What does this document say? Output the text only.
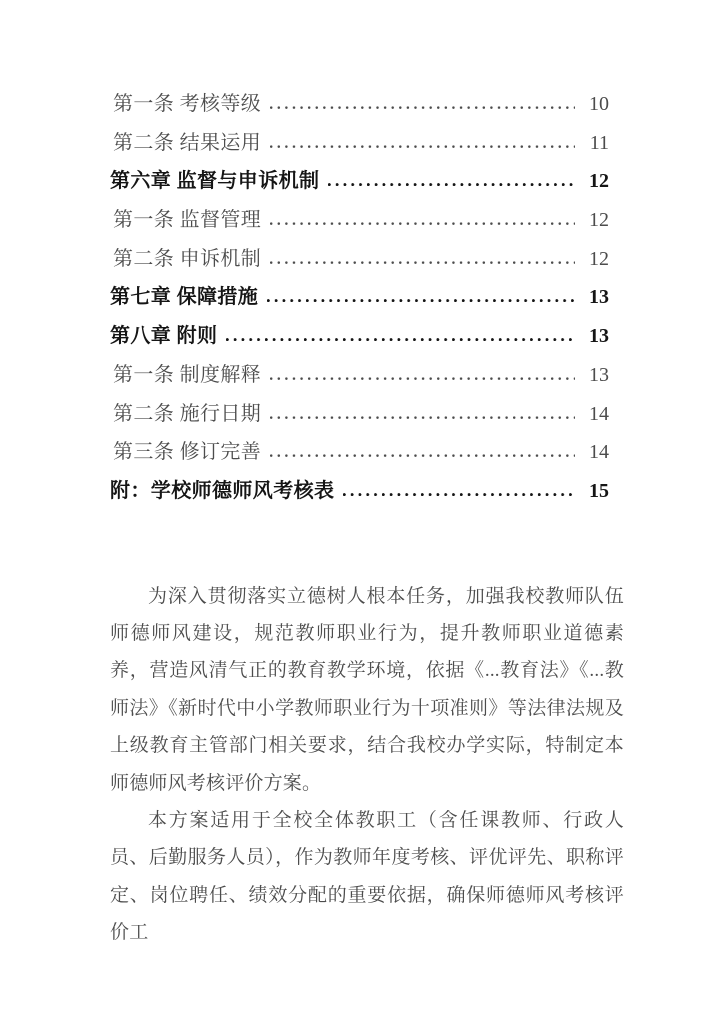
第一条 考核等级	10
第二条 结果运用	11
第六章 监督与申诉机制	12
第一条 监督管理	12
第二条 申诉机制	12
第七章 保障措施	13
第八章 附则	13
第一条 制度解释	13
第二条 施行日期	14
第三条 修订完善	14
附：学校师德师风考核表	15

为深入贯彻落实立德树人根本任务，加强我校教师队伍师德师风建设，规范教师职业行为，提升教师职业道德素养，营造风清气正的教育教学环境，依据《...教育法》《...教师法》《新时代中小学教师职业行为十项准则》等法律法规及上级教育主管部门相关要求，结合我校办学实际，特制定本师德师风考核评价方案。

本方案适用于全校全体教职工（含任课教师、行政人员、后勤服务人员），作为教师年度考核、评优评先、职称评定、岗位聘任、绩效分配的重要依据，确保师德师风考核评价工
